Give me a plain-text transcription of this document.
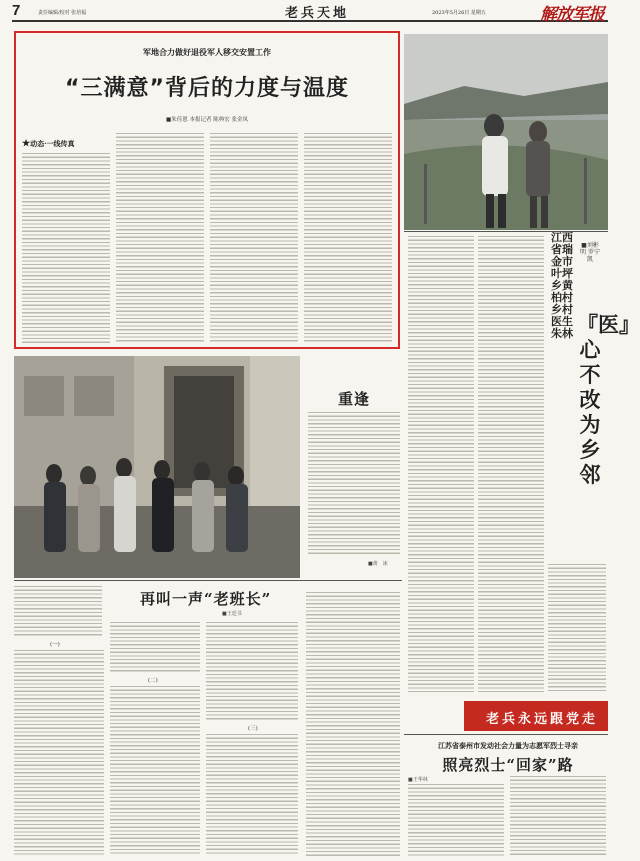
7	责任编辑/校对 张培福	老兵天地	2023年5月26日 星期五	解放军报
军地合力做好退役军人移交安置工作
“三满意”背后的力度与温度
■朱佳恩 本报记者 陈典宏 张金凤
★动态·一线传真
江西省瑞金市叶坪乡黄柏村乡村医生朱林
■刘彬明 罗宁凯
『医』心不改为乡邻
老兵永远跟党走
江苏省泰州市发动社会力量为志愿军烈士寻亲
照亮烈士“回家”路
■王华林
重逢
■黄　冰
再叫一声“老班长”
■王廷书
(一)
(二)
(三)
